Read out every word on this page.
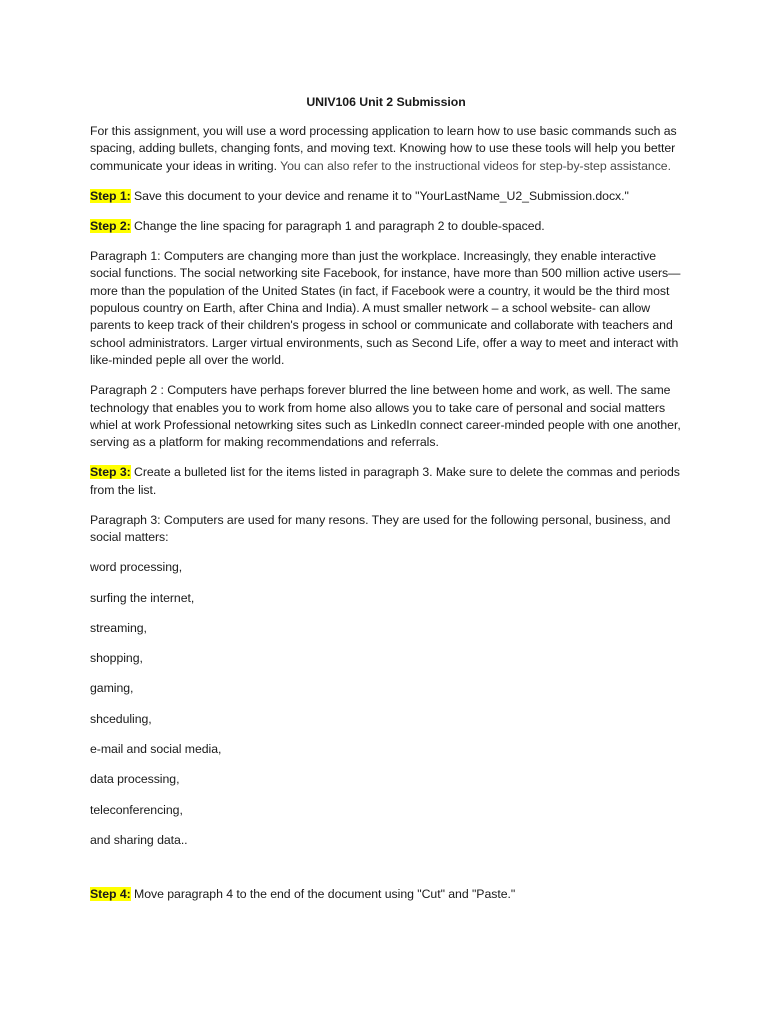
UNIV106 Unit 2 Submission

For this assignment, you will use a word processing application to learn how to use basic commands such as spacing, adding bullets, changing fonts, and moving text. Knowing how to use these tools will help you better communicate your ideas in writing. You can also refer to the instructional videos for step-by-step assistance.

Step 1: Save this document to your device and rename it to "YourLastName_U2_Submission.docx."

Step 2: Change the line spacing for paragraph 1 and paragraph 2 to double-spaced.

Paragraph 1: Computers are changing more than just the workplace. Increasingly, they enable interactive social functions. The social networking site Facebook, for instance, have more than 500 million active users—more than the population of the United States (in fact, if Facebook were a country, it would be the third most populous country on Earth, after China and India). A must smaller network – a school website- can allow parents to keep track of their children's progess in school or communicate and collaborate with teachers and school administrators. Larger virtual environments, such as Second Life, offer a way to meet and interact with like-minded peple all over the world.

Paragraph 2 : Computers have perhaps forever blurred the line between home and work, as well. The same technology that enables you to work from home also allows you to take care of personal and social matters whiel at work Professional netowrking sites such as LinkedIn connect career-minded people with one another, serving as a platform for making recommendations and referrals.

Step 3: Create a bulleted list for the items listed in paragraph 3. Make sure to delete the commas and periods from the list.

Paragraph 3: Computers are used for many resons. They are used for the following personal, business, and social matters:

word processing,
surfing the internet,
streaming,
shopping,
gaming,
shceduling,
e-mail and social media,
data processing,
teleconferencing,
and sharing data..

Step 4: Move paragraph 4 to the end of the document using "Cut" and "Paste."
